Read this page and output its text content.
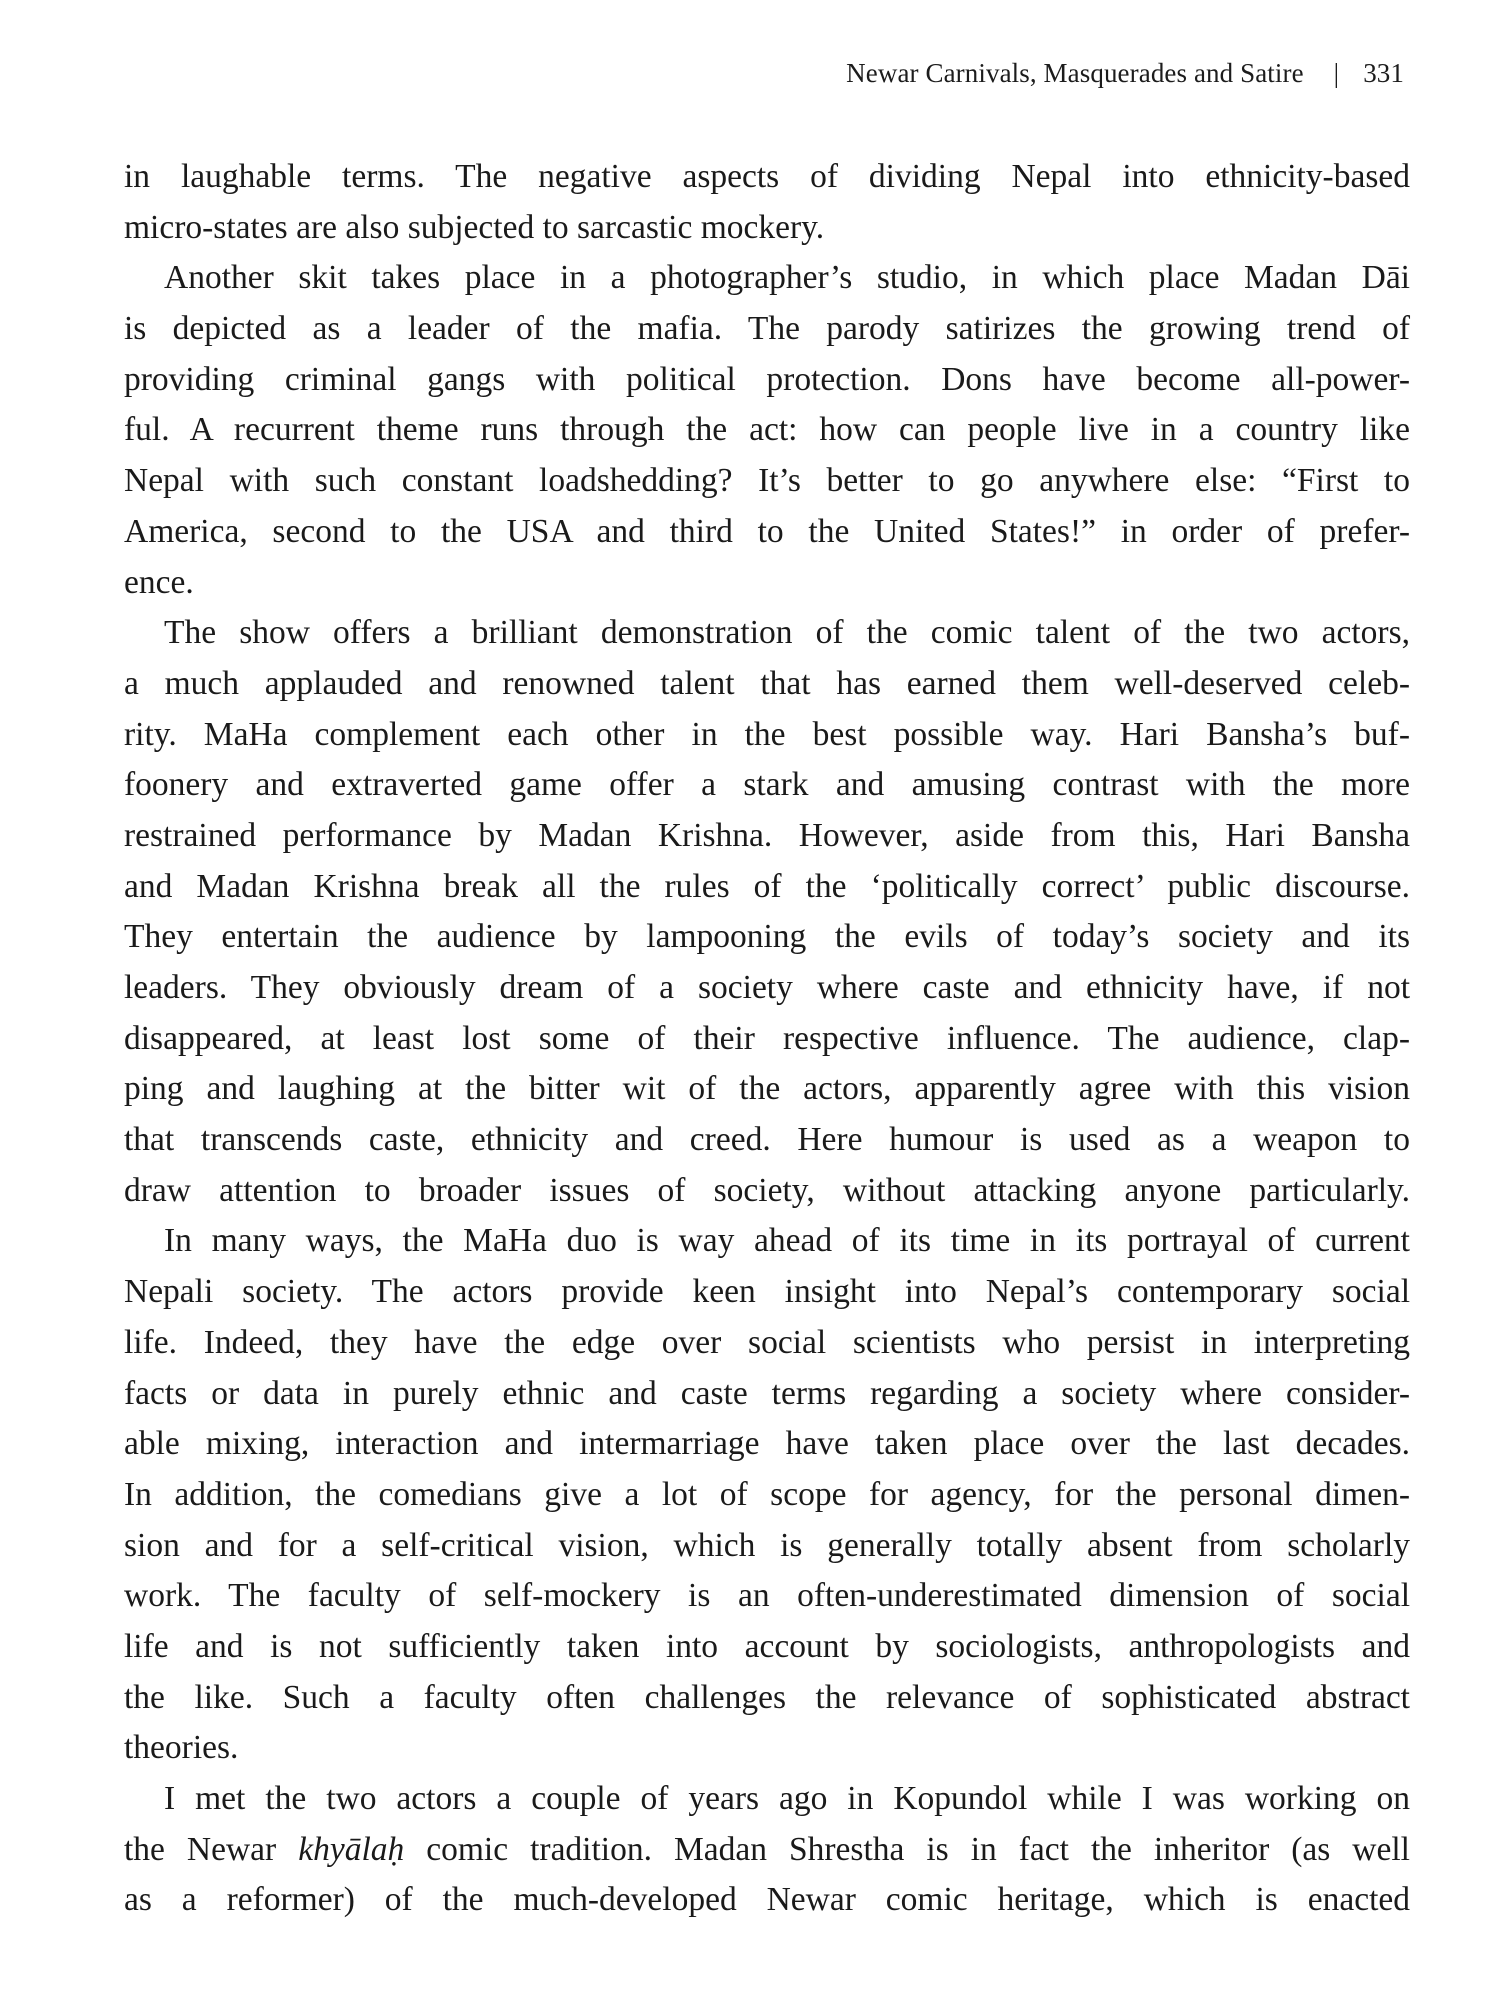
Newar Carnivals, Masquerades and Satire | 331
in laughable terms. The negative aspects of dividing Nepal into ethnicity-based
micro-states are also subjected to sarcastic mockery.
Another skit takes place in a photographer’s studio, in which place Madan Dāi
is depicted as a leader of the mafia. The parody satirizes the growing trend of
providing criminal gangs with political protection. Dons have become all-power-
ful. A recurrent theme runs through the act: how can people live in a country like
Nepal with such constant loadshedding? It’s better to go anywhere else: “First to
America, second to the USA and third to the United States!” in order of prefer-
ence.
The show offers a brilliant demonstration of the comic talent of the two actors,
a much applauded and renowned talent that has earned them well-deserved celeb-
rity. MaHa complement each other in the best possible way. Hari Bansha’s buf-
foonery and extraverted game offer a stark and amusing contrast with the more
restrained performance by Madan Krishna. However, aside from this, Hari Bansha
and Madan Krishna break all the rules of the ‘politically correct’ public discourse.
They entertain the audience by lampooning the evils of today’s society and its
leaders. They obviously dream of a society where caste and ethnicity have, if not
disappeared, at least lost some of their respective influence. The audience, clap-
ping and laughing at the bitter wit of the actors, apparently agree with this vision
that transcends caste, ethnicity and creed. Here humour is used as a weapon to
draw attention to broader issues of society, without attacking anyone particularly.
In many ways, the MaHa duo is way ahead of its time in its portrayal of current
Nepali society. The actors provide keen insight into Nepal’s contemporary social
life. Indeed, they have the edge over social scientists who persist in interpreting
facts or data in purely ethnic and caste terms regarding a society where consider-
able mixing, interaction and intermarriage have taken place over the last decades.
In addition, the comedians give a lot of scope for agency, for the personal dimen-
sion and for a self-critical vision, which is generally totally absent from scholarly
work. The faculty of self-mockery is an often-underestimated dimension of social
life and is not sufficiently taken into account by sociologists, anthropologists and
the like. Such a faculty often challenges the relevance of sophisticated abstract
theories.
I met the two actors a couple of years ago in Kopundol while I was working on
the Newar khyālaḥ comic tradition. Madan Shrestha is in fact the inheritor (as well
as a reformer) of the much-developed Newar comic heritage, which is enacted
